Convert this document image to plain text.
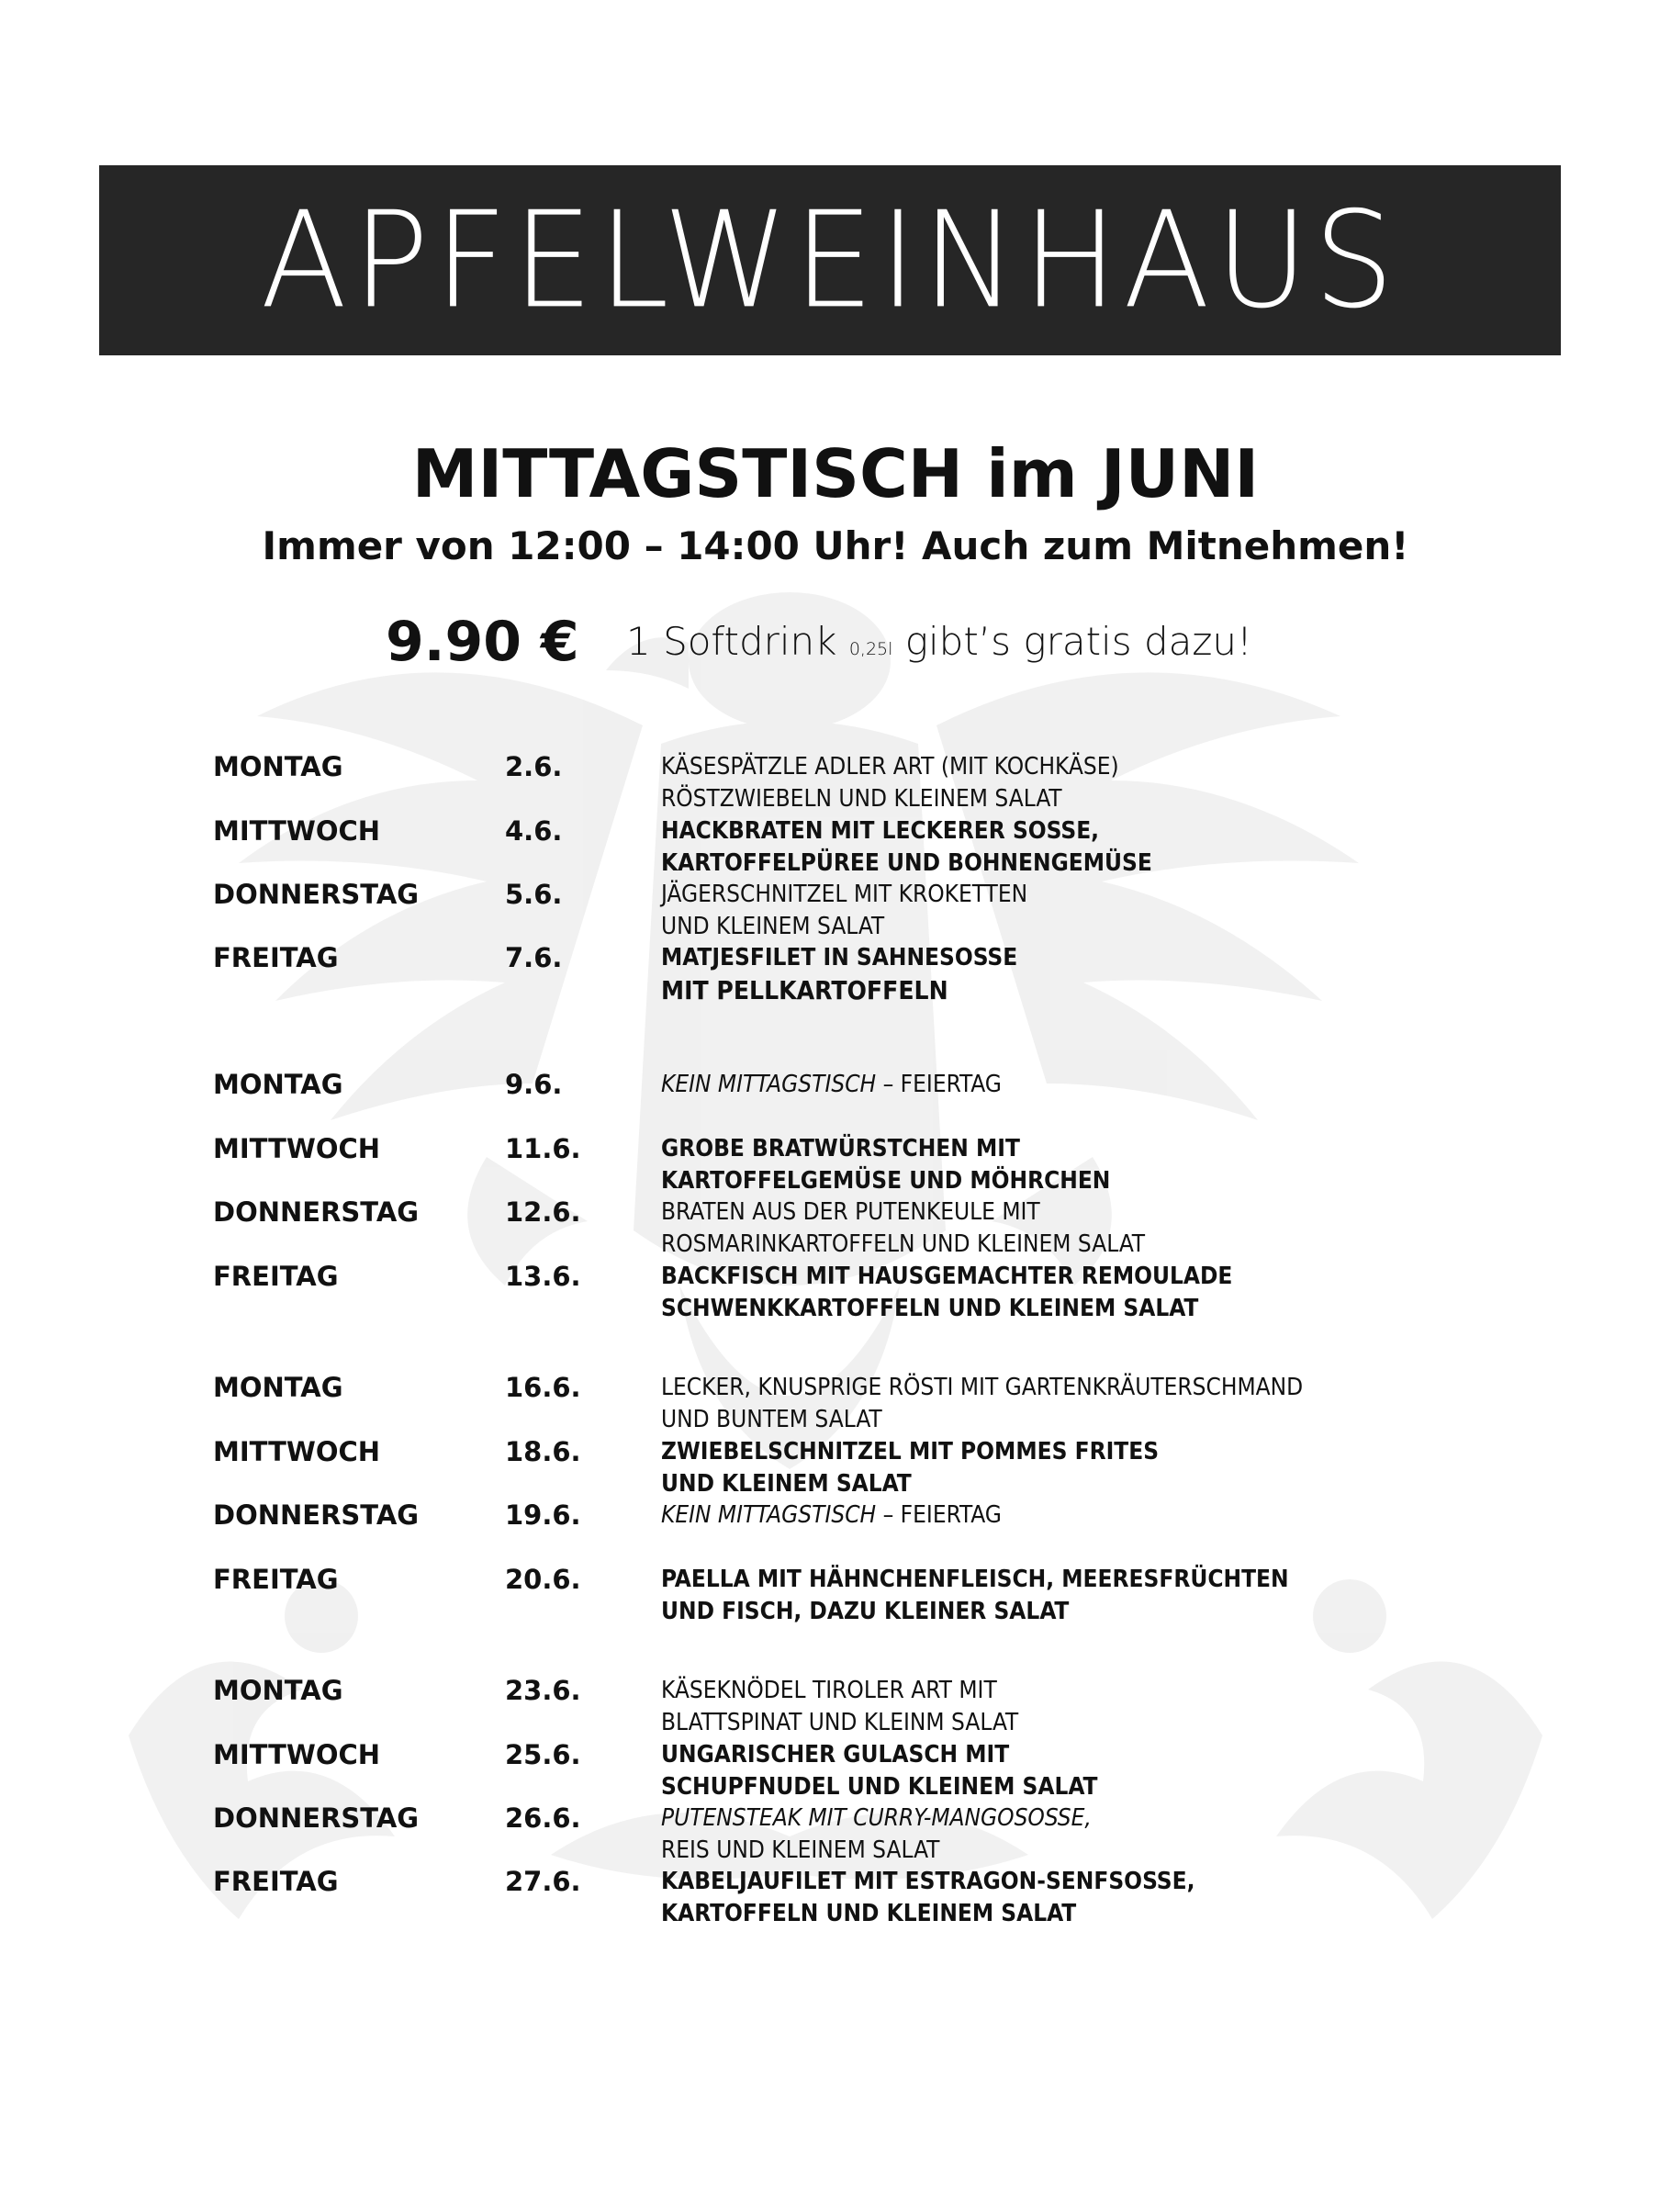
APFELWEINHAUS
MITTAGSTISCH im JUNI
Immer von 12:00 – 14:00 Uhr! Auch zum Mitnehmen!
9.90 € 1 Softdrink 0,25l gibt’s gratis dazu!
MONTAG	2.6.	KÄSESPÄTZLE ADLER ART (MIT KOCHKÄSE)
RÖSTZWIEBELN UND KLEINEM SALAT
MITTWOCH	4.6.	HACKBRATEN MIT LECKERER SOSSE,
KARTOFFELPÜREE UND BOHNENGEMÜSE
DONNERSTAG	5.6.	JÄGERSCHNITZEL MIT KROKETTEN
UND KLEINEM SALAT
FREITAG	7.6.	MATJESFILET IN SAHNESOSSE
MIT PELLKARTOFFELN
MONTAG	9.6.	KEIN MITTAGSTISCH – FEIERTAG
MITTWOCH	11.6.	GROBE BRATWÜRSTCHEN MIT
KARTOFFELGEMÜSE UND MÖHRCHEN
DONNERSTAG	12.6.	BRATEN AUS DER PUTENKEULE MIT
ROSMARINKARTOFFELN UND KLEINEM SALAT
FREITAG	13.6.	BACKFISCH MIT HAUSGEMACHTER REMOULADE
SCHWENKKARTOFFELN UND KLEINEM SALAT
MONTAG	16.6.	LECKER, KNUSPRIGE RÖSTI MIT GARTENKRÄUTERSCHMAND
UND BUNTEM SALAT
MITTWOCH	18.6.	ZWIEBELSCHNITZEL MIT POMMES FRITES
UND KLEINEM SALAT
DONNERSTAG	19.6.	KEIN MITTAGSTISCH – FEIERTAG
FREITAG	20.6.	PAELLA MIT HÄHNCHENFLEISCH, MEERESFRÜCHTEN
UND FISCH, DAZU KLEINER SALAT
MONTAG	23.6.	KÄSEKNÖDEL TIROLER ART MIT
BLATTSPINAT UND KLEINM SALAT
MITTWOCH	25.6.	UNGARISCHER GULASCH MIT
SCHUPFNUDEL UND KLEINEM SALAT
DONNERSTAG	26.6.	PUTENSTEAK MIT CURRY-MANGOSOSSE,
REIS UND KLEINEM SALAT
FREITAG	27.6.	KABELJAUFILET MIT ESTRAGON-SENFSOSSE,
KARTOFFELN UND KLEINEM SALAT
